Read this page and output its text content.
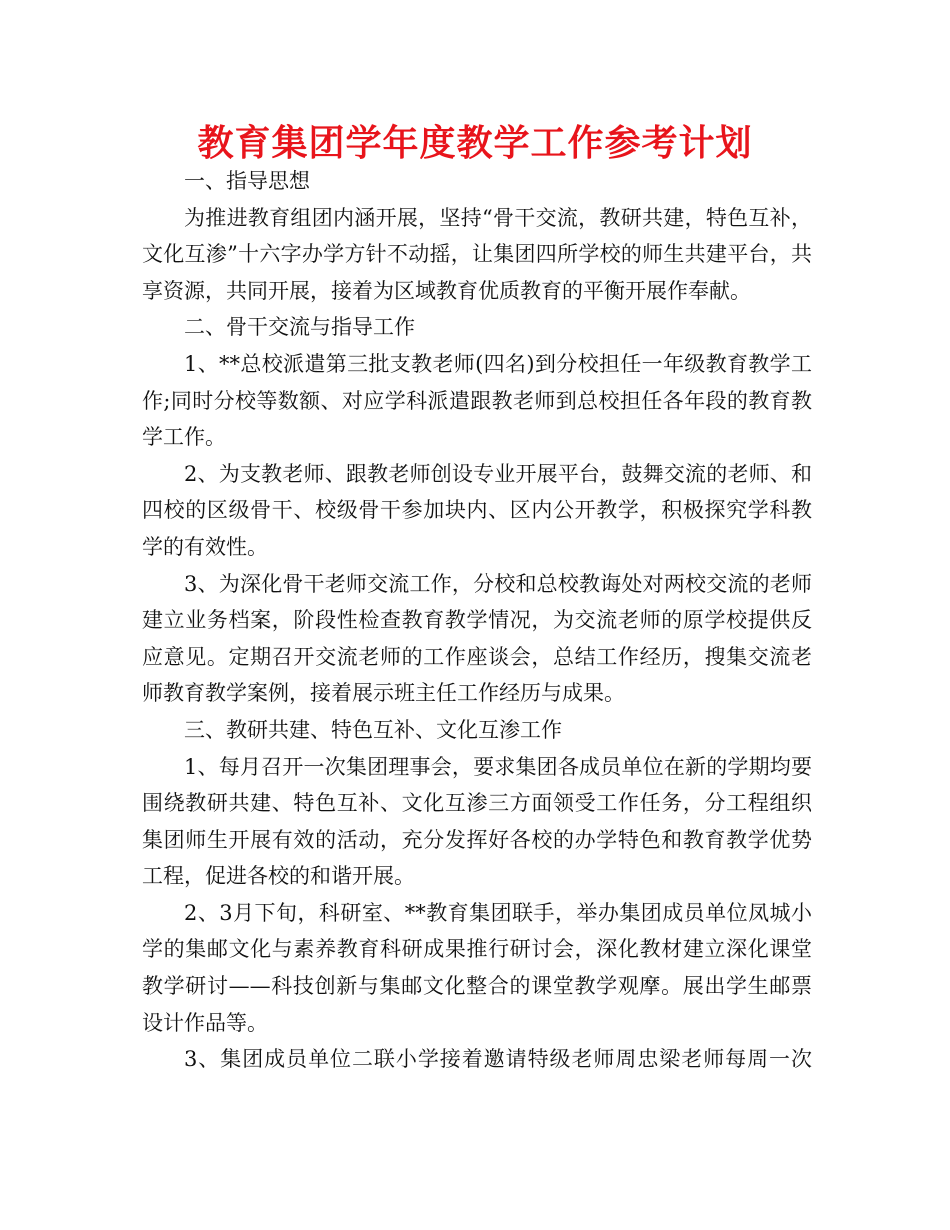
教育集团学年度教学工作参考计划

一、指导思想

为推进教育组团内涵开展，坚持“骨干交流，教研共建，特色互补，文化互渗”十六字办学方针不动摇，让集团四所学校的师生共建平台，共享资源，共同开展，接着为区域教育优质教育的平衡开展作奉献。

二、骨干交流与指导工作

1、**总校派遣第三批支教老师(四名)到分校担任一年级教育教学工作;同时分校等数额、对应学科派遣跟教老师到总校担任各年段的教育教学工作。

2、为支教老师、跟教老师创设专业开展平台，鼓舞交流的老师、和四校的区级骨干、校级骨干参加块内、区内公开教学，积极探究学科教学的有效性。

3、为深化骨干老师交流工作，分校和总校教诲处对两校交流的老师建立业务档案，阶段性检查教育教学情况，为交流老师的原学校提供反应意见。定期召开交流老师的工作座谈会，总结工作经历，搜集交流老师教育教学案例，接着展示班主任工作经历与成果。

三、教研共建、特色互补、文化互渗工作

1、每月召开一次集团理事会，要求集团各成员单位在新的学期均要围绕教研共建、特色互补、文化互渗三方面领受工作任务，分工程组织集团师生开展有效的活动，充分发挥好各校的办学特色和教育教学优势工程，促进各校的和谐开展。

2、3月下旬，科研室、**教育集团联手，举办集团成员单位凤城小学的集邮文化与素养教育科研成果推行研讨会，深化教材建立深化课堂教学研讨——科技创新与集邮文化整合的课堂教学观摩。展出学生邮票设计作品等。

3、集团成员单位二联小学接着邀请特级老师周忠梁老师每周一次
